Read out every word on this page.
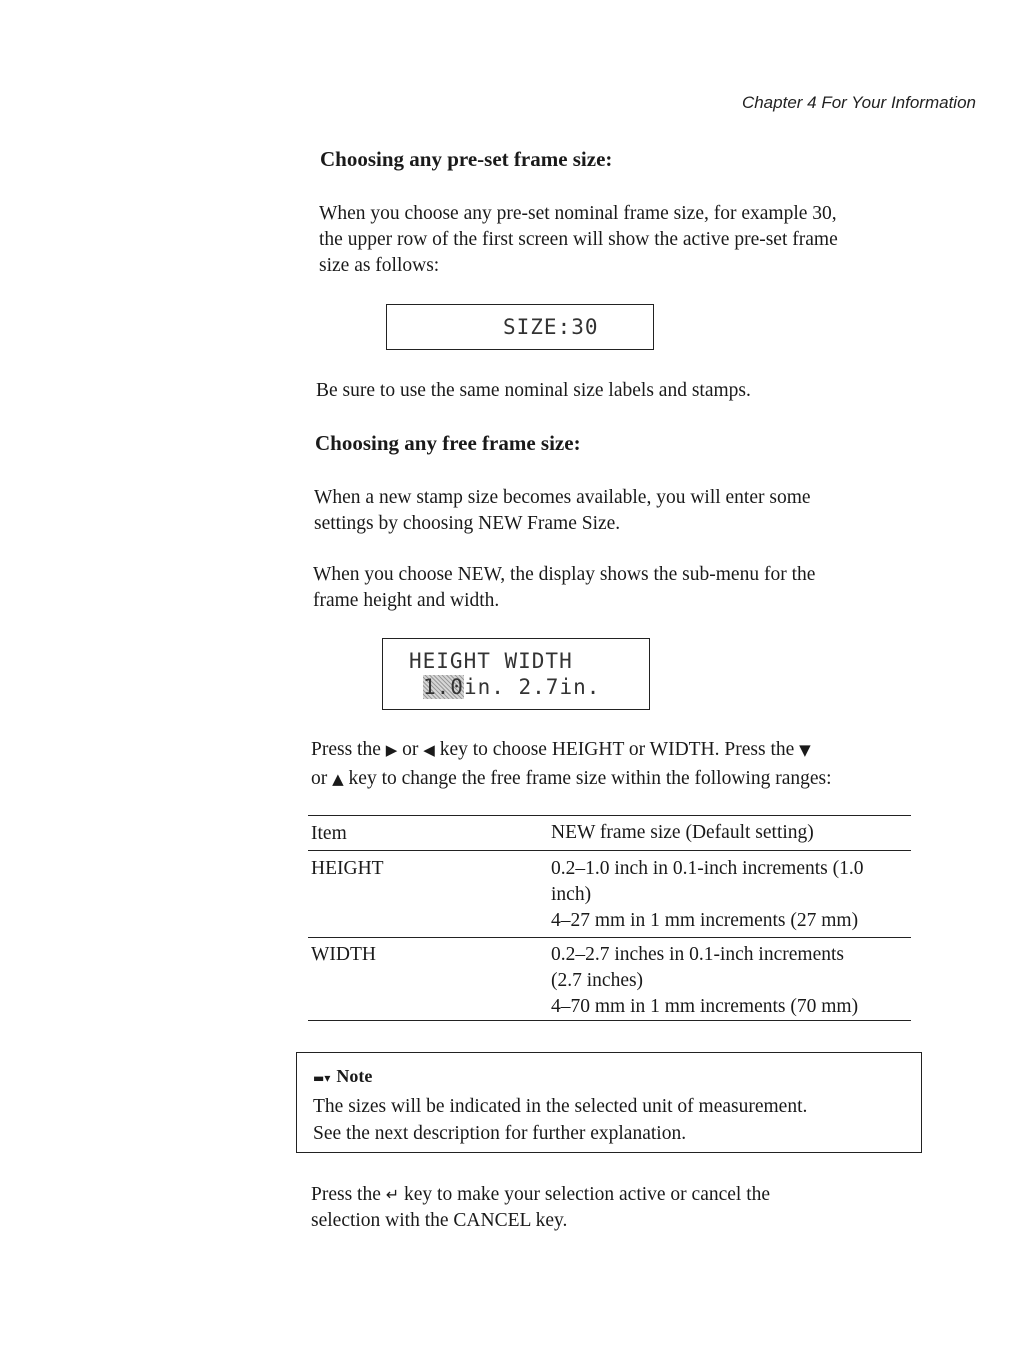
Chapter 4 For Your Information
Choosing any pre-set frame size:
When you choose any pre-set nominal frame size, for example 30,
the upper row of the first screen will show the active pre-set frame
size as follows:
SIZE:30
Be sure to use the same nominal size labels and stamps.
Choosing any free frame size:
When a new stamp size becomes available, you will enter some
settings by choosing NEW Frame Size.
When you choose NEW, the display shows the sub-menu for the
frame height and width.
HEIGHT WIDTH
1.0in. 2.7in.
Press the ▶ or ◀ key to choose HEIGHT or WIDTH. Press the ▼
or ▲ key to change the free frame size within the following ranges:
Item	NEW frame size (Default setting)
HEIGHT	0.2–1.0 inch in 0.1-inch increments (1.0
inch)
4–27 mm in 1 mm increments (27 mm)
WIDTH	0.2–2.7 inches in 0.1-inch increments
(2.7 inches)
4–70 mm in 1 mm increments (70 mm)
▬▾ Note
The sizes will be indicated in the selected unit of measurement.
See the next description for further explanation.
Press the ↵ key to make your selection active or cancel the
selection with the CANCEL key.
